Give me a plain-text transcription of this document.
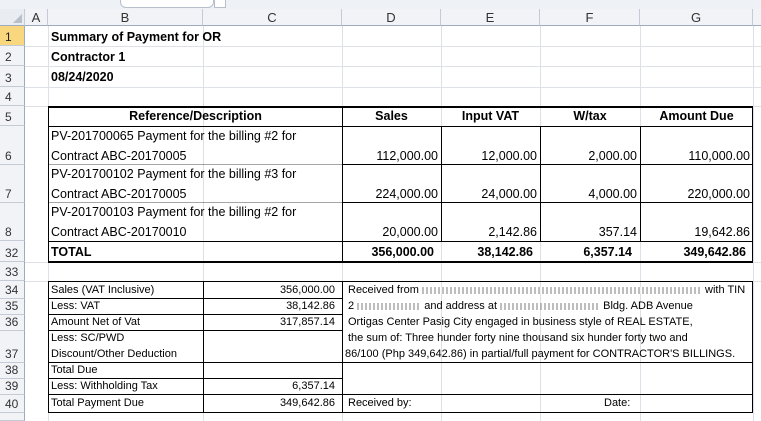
A	B	C	D	E	F	G
1
2
3
4
5
6
7
8
32
33
34
35
36
37
38
39
40
Summary of Payment for OR
Contractor 1
08/24/2020
Reference/Description	Sales	Input VAT	W/tax	Amount Due
PV-201700065 Payment for the billing #2 for
Contract ABC-20170005	112,000.00	12,000.00	2,000.00	110,000.00
PV-201700102 Payment for the billing #3 for
Contract ABC-20170005	224,000.00	24,000.00	4,000.00	220,000.00
PV-201700103 Payment for the billing #2 for
Contract ABC-20170010	20,000.00	2,142.86	357.14	19,642.86
TOTAL	356,000.00	38,142.86	6,357.14	349,642.86
Sales (VAT Inclusive)	356,000.00
Less: VAT	38,142.86
Amount Net of Vat	317,857.14
Less: SC/PWD
Discount/Other Deduction
Total Due
Less: Withholding Tax	6,357.14
Total Payment Due	349,642.86
Received from	with TIN
2	and address at	Bldg. ADB Avenue
Ortigas Center Pasig City engaged in business style of REAL ESTATE,
the sum of: Three hunder forty nine thousand six hunder forty two and
86/100 (Php 349,642.86) in partial/full payment for CONTRACTOR'S BILLINGS.
Received by:	Date:
